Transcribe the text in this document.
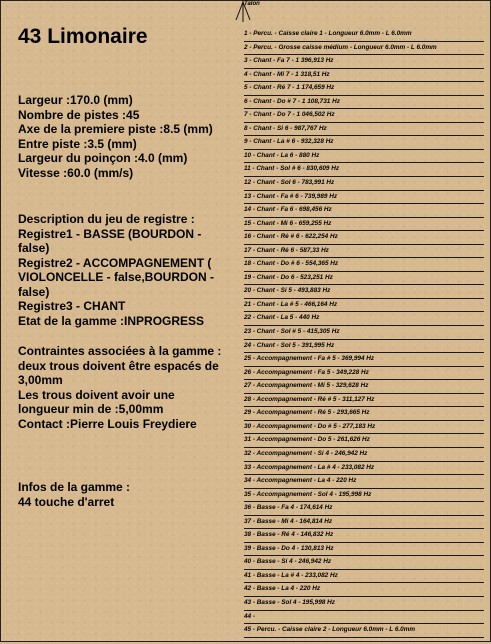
43 Limonaire
Largeur :170.0 (mm)
Nombre de pistes :45
Axe de la premiere piste :8.5 (mm)
Entre piste :3.5 (mm)
Largeur du poinçon :4.0 (mm)
Vitesse :60.0 (mm/s)
Description du jeu de registre :
Registre1 - BASSE (BOURDON - false)
Registre2 - ACCOMPAGNEMENT ( VIOLONCELLE - false,BOURDON - false)
Registre3 - CHANT
Etat de la gamme :INPROGRESS
Contraintes associées à la gamme :
deux trous doivent être espacés de 3,00mm
Les trous doivent avoir une longueur min de :5,00mm
Contact :Pierre Louis Freydiere
Infos de la gamme :
44 touche d'arret
Talon
1 - Percu. - Caisse claire 1 - Longueur 6.0mm - L 6.0mm
2 - Percu. - Grosse caisse médium - Longueur 6.0mm - L 6.0mm
3 - Chant - Fa 7 - 1 396,913 Hz
4 - Chant - Mi 7 - 1 318,51 Hz
5 - Chant - Ré 7 - 1 174,659 Hz
6 - Chant - Do # 7 - 1 108,731 Hz
7 - Chant - Do 7 - 1 046,502 Hz
8 - Chant - Si 6 - 987,767 Hz
9 - Chant - La # 6 - 932,328 Hz
10 - Chant - La 6 - 880 Hz
11 - Chant - Sol # 6 - 830,609 Hz
12 - Chant - Sol 6 - 783,991 Hz
13 - Chant - Fa # 6 - 739,989 Hz
14 - Chant - Fa 6 - 698,456 Hz
15 - Chant - Mi 6 - 659,255 Hz
16 - Chant - Ré # 6 - 622,254 Hz
17 - Chant - Ré 6 - 587,33 Hz
18 - Chant - Do # 6 - 554,365 Hz
19 - Chant - Do 6 - 523,251 Hz
20 - Chant - Si 5 - 493,883 Hz
21 - Chant - La # 5 - 466,164 Hz
22 - Chant - La 5 - 440 Hz
23 - Chant - Sol # 5 - 415,305 Hz
24 - Chant - Sol 5 - 391,995 Hz
25 - Accompagnement - Fa # 5 - 369,994 Hz
26 - Accompagnement - Fa 5 - 349,228 Hz
27 - Accompagnement - Mi 5 - 329,628 Hz
28 - Accompagnement - Ré # 5 - 311,127 Hz
29 - Accompagnement - Ré 5 - 293,665 Hz
30 - Accompagnement - Do # 5 - 277,183 Hz
31 - Accompagnement - Do 5 - 261,626 Hz
32 - Accompagnement - Si 4 - 246,942 Hz
33 - Accompagnement - La # 4 - 233,082 Hz
34 - Accompagnement - La 4 - 220 Hz
35 - Accompagnement - Sol 4 - 195,998 Hz
36 - Basse - Fa 4 - 174,614 Hz
37 - Basse - Mi 4 - 164,814 Hz
38 - Basse - Ré 4 - 146,832 Hz
39 - Basse - Do 4 - 130,813 Hz
40 - Basse - Si 4 - 246,942 Hz
41 - Basse - La # 4 - 233,082 Hz
42 - Basse - La 4 - 220 Hz
43 - Basse - Sol 4 - 195,998 Hz
44 -
45 - Percu. - Caisse claire 2 - Longueur 6.0mm - L 6.0mm
